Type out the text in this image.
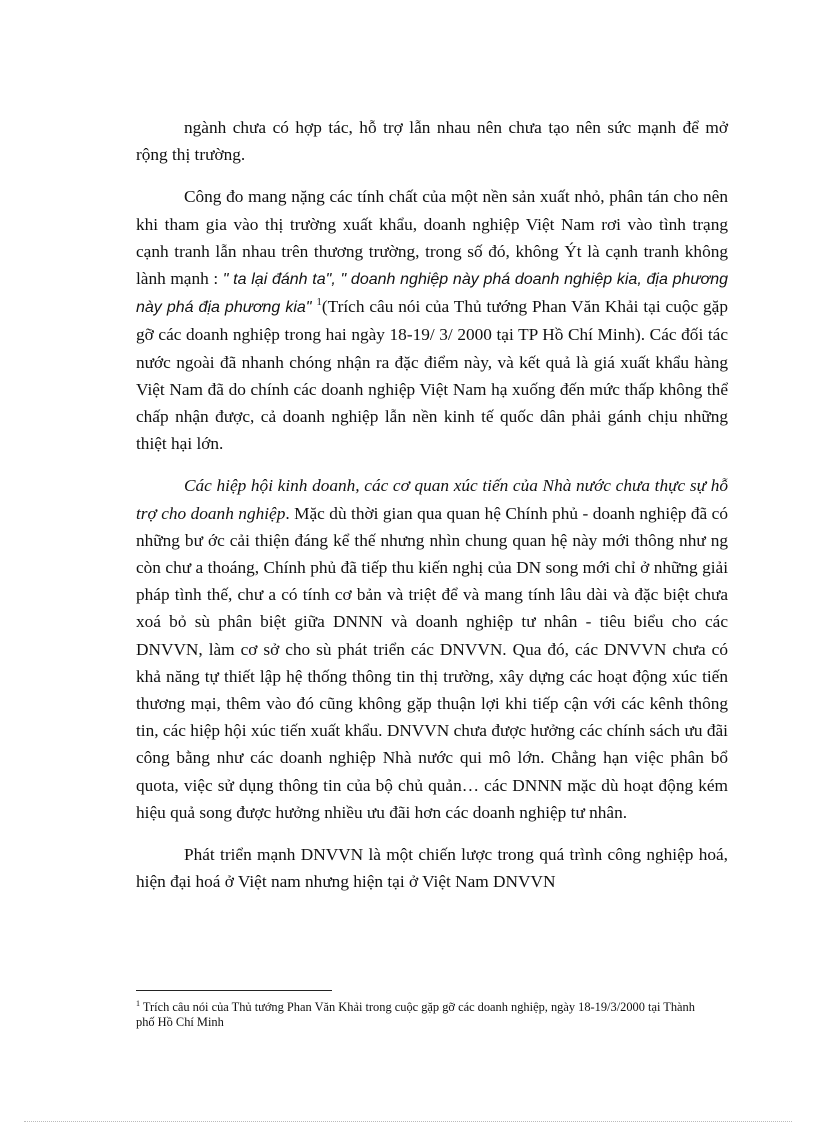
ngành chưa có hợp tác, hỗ trợ lẫn nhau nên chưa tạo nên sức mạnh để mở rộng thị trường.

Công đo mang nặng các tính chất của một nền sản xuất nhỏ, phân tán cho nên khi tham gia vào thị trường xuất khẩu, doanh nghiệp Việt Nam rơi vào tình trạng cạnh tranh lẫn nhau trên thương trường, trong số đó, không Ýt là cạnh tranh không lành mạnh : " ta lại đánh ta", " doanh nghiệp này phá doanh nghiệp kia, địa phương này phá địa phương kia" $^1$(Trích câu nói của Thủ tướng Phan Văn Khải tại cuộc gặp gỡ các doanh nghiệp trong hai ngày 18-19/ 3/ 2000 tại TP Hồ Chí Minh). Các đối tác nước ngoài đã nhanh chóng nhận ra đặc điểm này, và kết quả là giá xuất khẩu hàng Việt Nam đã do chính các doanh nghiệp Việt Nam hạ xuống đến mức thấp không thể chấp nhận được, cả doanh nghiệp lẫn nền kinh tế quốc dân phải gánh chịu những thiệt hại lớn.

Các hiệp hội kinh doanh, các cơ quan xúc tiến của Nhà nước chưa thực sự hỗ trợ cho doanh nghiệp. Mặc dù thời gian qua quan hệ Chính phủ - doanh nghiệp đã có những bư ớc cải thiện đáng kể thế nhưng nhìn chung quan hệ này mới thông như ng còn chư a thoáng, Chính phủ đã tiếp thu kiến nghị của DN song mới chỉ ở những giải pháp tình thế, chư a có tính cơ bản và triệt để và mang tính lâu dài và đặc biệt chưa xoá bỏ sù phân biệt giữa DNNN và doanh nghiệp tư nhân - tiêu biểu cho các DNVVN, làm cơ sở cho sù phát triển các DNVVN. Qua đó, các DNVVN chưa có khả năng tự thiết lập hệ thống thông tin thị trường, xây dựng các hoạt động xúc tiến thương mại, thêm vào đó cũng không gặp thuận lợi khi tiếp cận với các kênh thông tin, các hiệp hội xúc tiến xuất khẩu. DNVVN chưa được hưởng các chính sách ưu đãi công bằng như các doanh nghiệp Nhà nước qui mô lớn. Chẳng hạn việc phân bổ quota, việc sử dụng thông tin của bộ chủ quản… các DNNN mặc dù hoạt động kém hiệu quả song được hưởng nhiều ưu đãi hơn các doanh nghiệp tư nhân.

Phát triển mạnh DNVVN là một chiến lược trong quá trình công nghiệp hoá, hiện đại hoá ở Việt nam nhưng hiện tại ở Việt Nam DNVVN

$^1$ Trích câu nói của Thủ tướng Phan Văn Khải trong cuộc gặp gỡ các doanh nghiệp, ngày 18-19/3/2000 tại Thành phố Hồ Chí Minh
